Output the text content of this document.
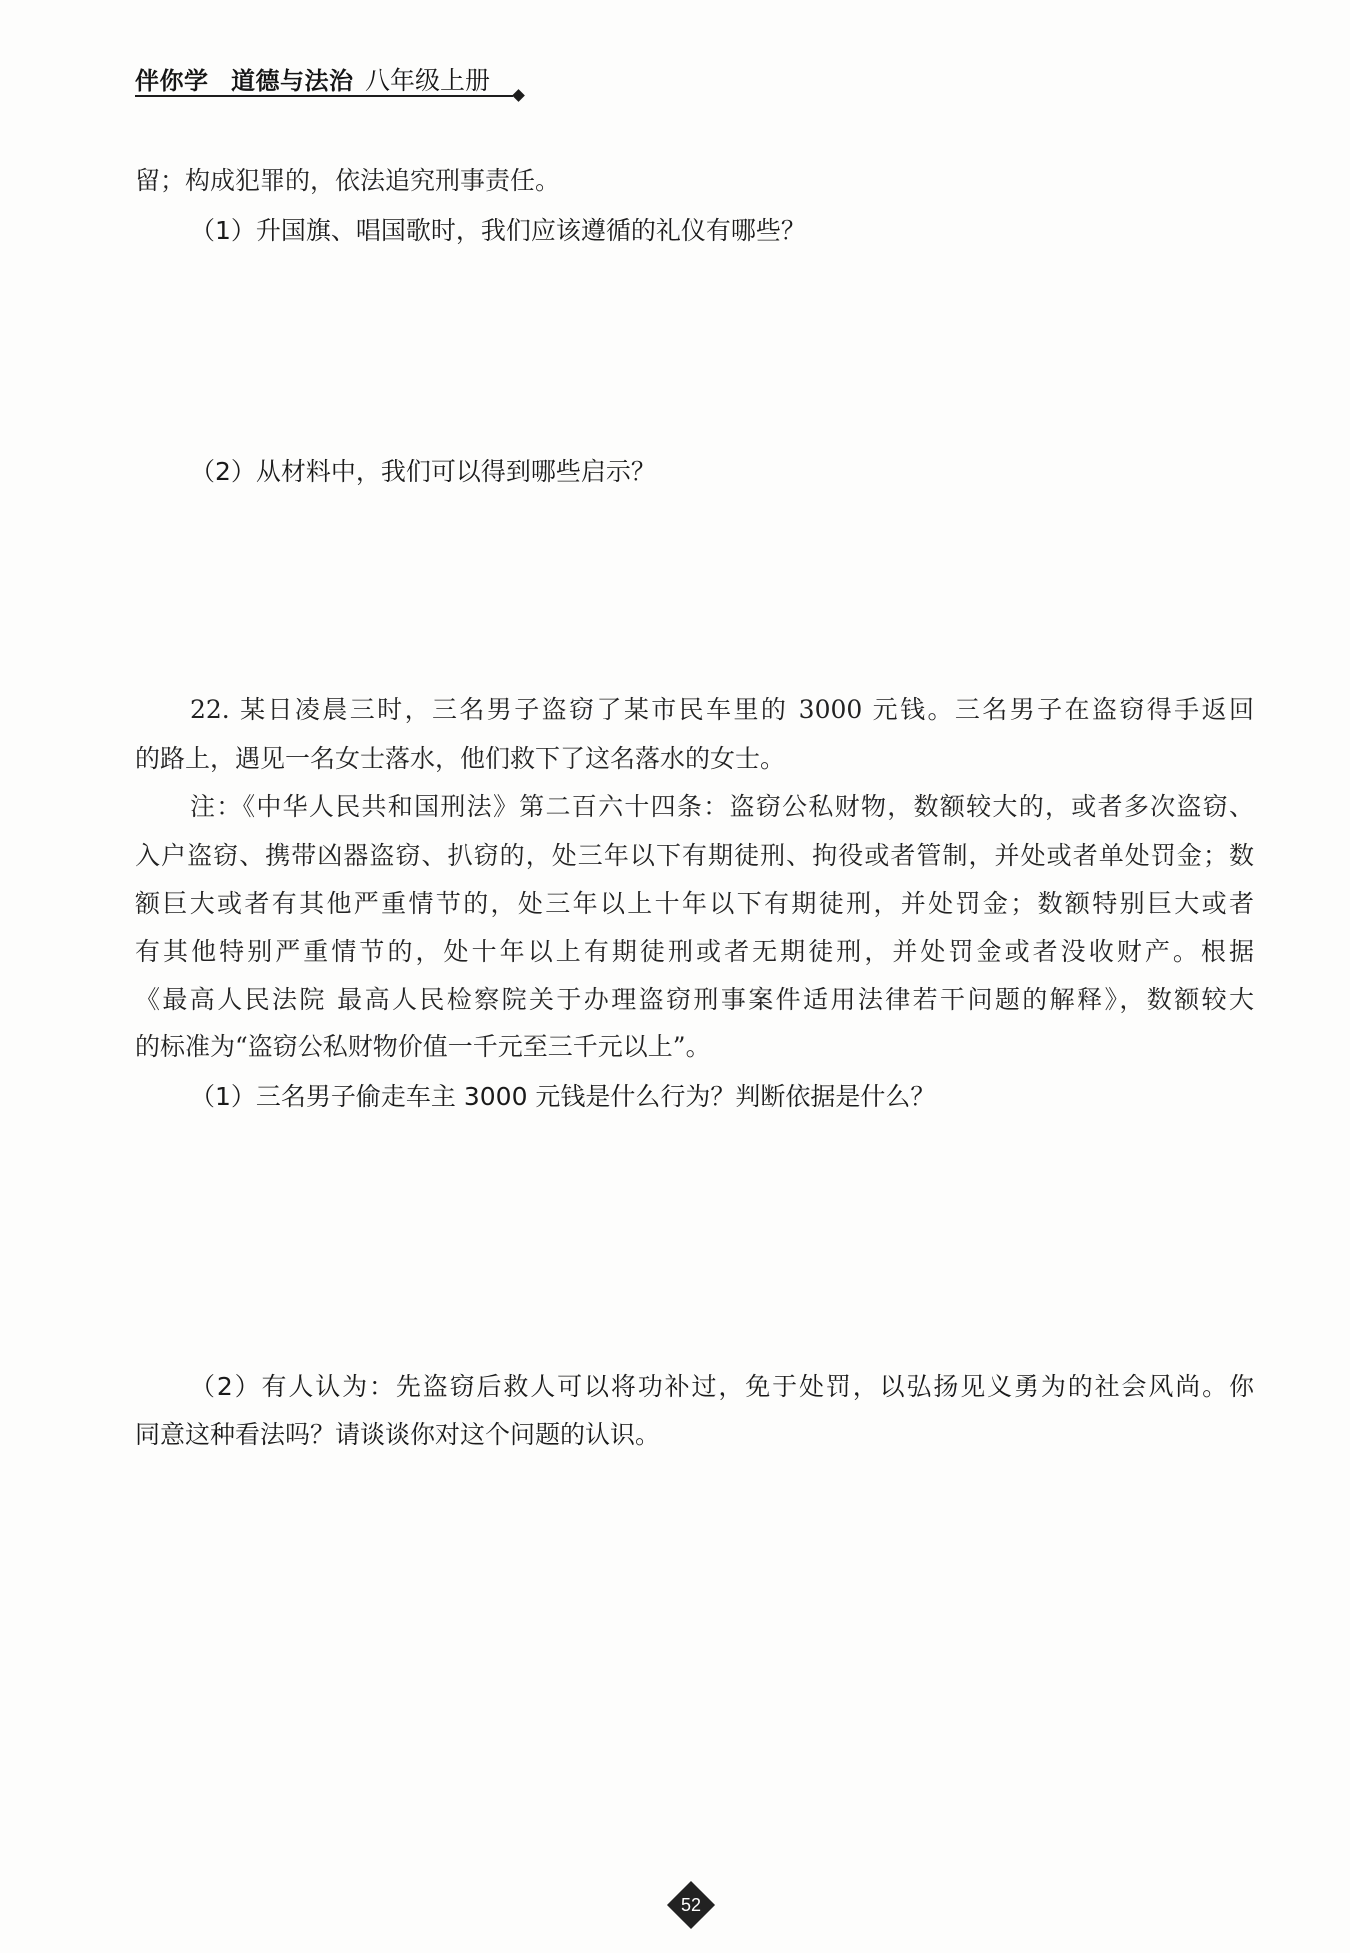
伴你学 道德与法治 八年级上册
留；构成犯罪的，依法追究刑事责任。
（1）升国旗、唱国歌时，我们应该遵循的礼仪有哪些？
（2）从材料中，我们可以得到哪些启示？
22. 某日凌晨三时，三名男子盗窃了某市民车里的 3000 元钱。三名男子在盗窃得手返回
的路上，遇见一名女士落水，他们救下了这名落水的女士。
注：《中华人民共和国刑法》第二百六十四条：盗窃公私财物，数额较大的，或者多次盗窃、
入户盗窃、携带凶器盗窃、扒窃的，处三年以下有期徒刑、拘役或者管制，并处或者单处罚金；数
额巨大或者有其他严重情节的，处三年以上十年以下有期徒刑，并处罚金；数额特别巨大或者
有其他特别严重情节的，处十年以上有期徒刑或者无期徒刑，并处罚金或者没收财产。根据
《最高人民法院 最高人民检察院关于办理盗窃刑事案件适用法律若干问题的解释》，数额较大
的标准为“盗窃公私财物价值一千元至三千元以上”。
（1）三名男子偷走车主 3000 元钱是什么行为？判断依据是什么？
（2）有人认为：先盗窃后救人可以将功补过，免于处罚，以弘扬见义勇为的社会风尚。你
同意这种看法吗？请谈谈你对这个问题的认识。
52
